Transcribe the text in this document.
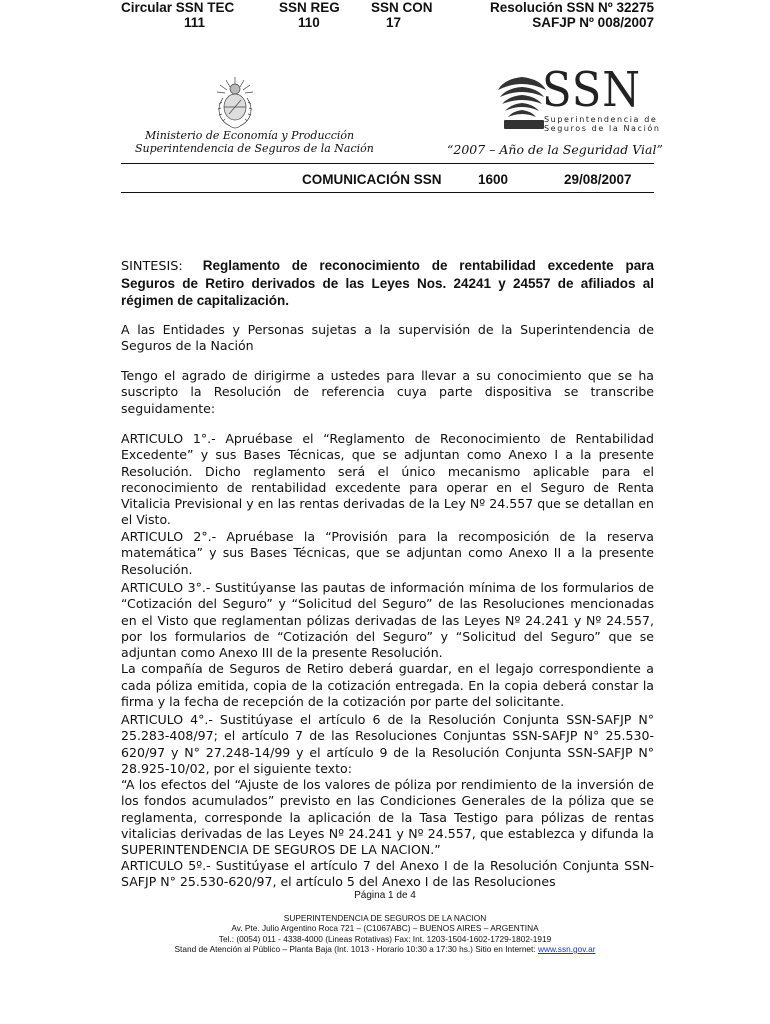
Ministerio de Economía y Producción
Superintendencia de Seguros de la Nación
SSN
Superintendencia de
Seguros de la Nación
“2007 – Año de la Seguridad Vial”
COMUNICACIÓN SSN	1600	29/08/2007
Circular SSN TEC
111
SSN REG
110
SSN CON
17
Resolución SSN Nº 32275
SAFJP Nº 008/2007
SINTESIS: Reglamento de reconocimiento de rentabilidad excedente para Seguros de Retiro derivados de las Leyes Nos. 24241 y 24557 de afiliados al régimen de capitalización.

A las Entidades y Personas sujetas a la supervisión de la Superintendencia de Seguros de la Nación

Tengo el agrado de dirigirme a ustedes para llevar a su conocimiento que se ha suscripto la Resolución de referencia cuya parte dispositiva se transcribe seguidamente:

ARTICULO 1°.- Apruébase el “Reglamento de Reconocimiento de Rentabilidad Excedente” y sus Bases Técnicas, que se adjuntan como Anexo I a la presente Resolución. Dicho reglamento será el único mecanismo aplicable para el reconocimiento de rentabilidad excedente para operar en el Seguro de Renta Vitalicia Previsional y en las rentas derivadas de la Ley Nº 24.557 que se detallan en el Visto.

ARTICULO 2°.- Apruébase la “Provisión para la recomposición de la reserva matemática” y sus Bases Técnicas, que se adjuntan como Anexo II a la presente Resolución.

ARTICULO 3°.- Sustitúyanse las pautas de información mínima de los formularios de “Cotización del Seguro” y “Solicitud del Seguro” de las Resoluciones mencionadas en el Visto que reglamentan pólizas derivadas de las Leyes Nº 24.241 y Nº 24.557, por los formularios de “Cotización del Seguro” y “Solicitud del Seguro” que se adjuntan como Anexo III de la presente Resolución.

La compañía de Seguros de Retiro deberá guardar, en el legajo correspondiente a cada póliza emitida, copia de la cotización entregada. En la copia deberá constar la firma y la fecha de recepción de la cotización por parte del solicitante.

ARTICULO 4°.- Sustitúyase el artículo 6 de la Resolución Conjunta SSN-SAFJP N° 25.283-408/97; el artículo 7 de las Resoluciones Conjuntas SSN-SAFJP N° 25.530-620/97 y N° 27.248-14/99 y el artículo 9 de la Resolución Conjunta SSN-SAFJP N° 28.925-10/02, por el siguiente texto:

“A los efectos del “Ajuste de los valores de póliza por rendimiento de la inversión de los fondos acumulados” previsto en las Condiciones Generales de la póliza que se reglamenta, corresponde la aplicación de la Tasa Testigo para pólizas de rentas vitalicias derivadas de las Leyes Nº 24.241 y Nº 24.557, que establezca y difunda la SUPERINTENDENCIA DE SEGUROS DE LA NACION.”

ARTICULO 5º.- Sustitúyase el artículo 7 del Anexo I de la Resolución Conjunta SSN-SAFJP N° 25.530-620/97, el artículo 5 del Anexo I de las Resoluciones

Página 1 de 4
SUPERINTENDENCIA DE SEGUROS DE LA NACION
Av. Pte. Julio Argentino Roca 721 – (C1067ABC) – BUENOS AIRES – ARGENTINA
Tel.: (0054) 011 - 4338-4000 (Lineas Rotativas) Fax: Int. 1203-1504-1602-1729-1802-1919
Stand de Atención al Público – Planta Baja (Int. 1013 - Horario 10:30 a 17:30 hs.) Sitio en Internet: www.ssn.gov.ar
